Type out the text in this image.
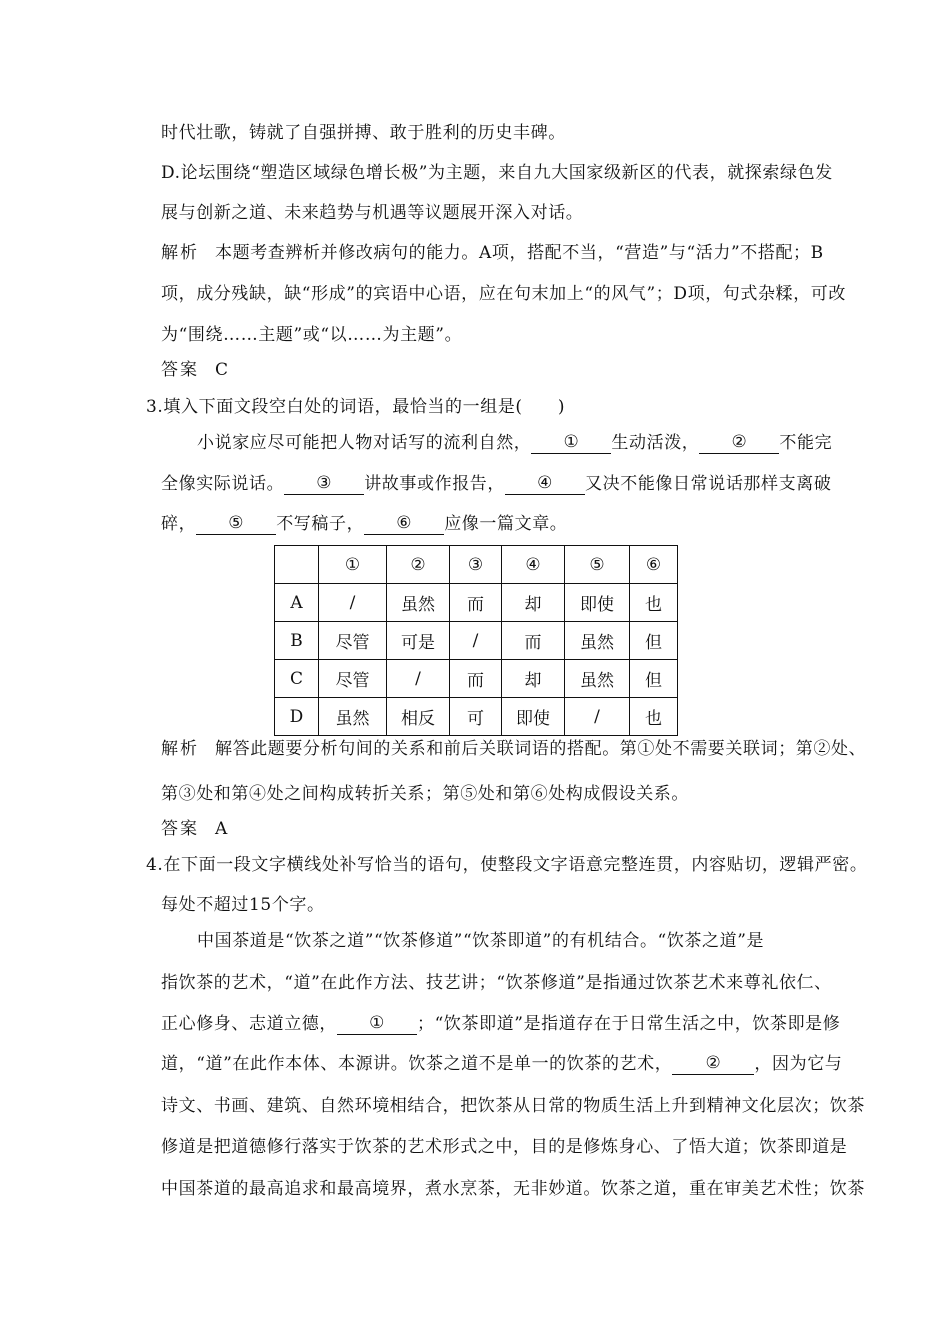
时代壮歌，铸就了自强拼搏、敢于胜利的历史丰碑。
D.论坛围绕“塑造区域绿色增长极”为主题，来自九大国家级新区的代表，就探索绿色发
展与创新之道、未来趋势与机遇等议题展开深入对话。
解析 本题考查辨析并修改病句的能力。A项，搭配不当，“营造”与“活力”不搭配；B
项，成分残缺，缺“形成”的宾语中心语，应在句末加上“的风气”；D项，句式杂糅，可改
为“围绕……主题”或“以……为主题”。
答案 C
3.填入下面文段空白处的词语，最恰当的一组是(　　)
小说家应尽可能把人物对话写的流利自然， ① 生动活泼， ② 不能完
全像实际说话。 ③ 讲故事或作报告， ④ 又决不能像日常说话那样支离破
碎， ⑤ 不写稿子， ⑥ 应像一篇文章。
	①	②	③	④	⑤	⑥
A	/	虽然	而	却	即使	也
B	尽管	可是	/	而	虽然	但
C	尽管	/	而	却	虽然	但
D	虽然	相反	可	即使	/	也
解析 解答此题要分析句间的关系和前后关联词语的搭配。第①处不需要关联词；第②处、
第③处和第④处之间构成转折关系；第⑤处和第⑥处构成假设关系。
答案 A
4.在下面一段文字横线处补写恰当的语句，使整段文字语意完整连贯，内容贴切，逻辑严密。
每处不超过15个字。
中国茶道是“饮茶之道”“饮茶修道”“饮茶即道”的有机结合。“饮茶之道”是
指饮茶的艺术，“道”在此作方法、技艺讲；“饮茶修道”是指通过饮茶艺术来尊礼依仁、
正心修身、志道立德， ① ；“饮茶即道”是指道存在于日常生活之中，饮茶即是修
道，“道”在此作本体、本源讲。饮茶之道不是单一的饮茶的艺术， ② ，因为它与
诗文、书画、建筑、自然环境相结合，把饮茶从日常的物质生活上升到精神文化层次；饮茶
修道是把道德修行落实于饮茶的艺术形式之中，目的是修炼身心、了悟大道；饮茶即道是
中国茶道的最高追求和最高境界，煮水烹茶，无非妙道。饮茶之道，重在审美艺术性；饮茶
